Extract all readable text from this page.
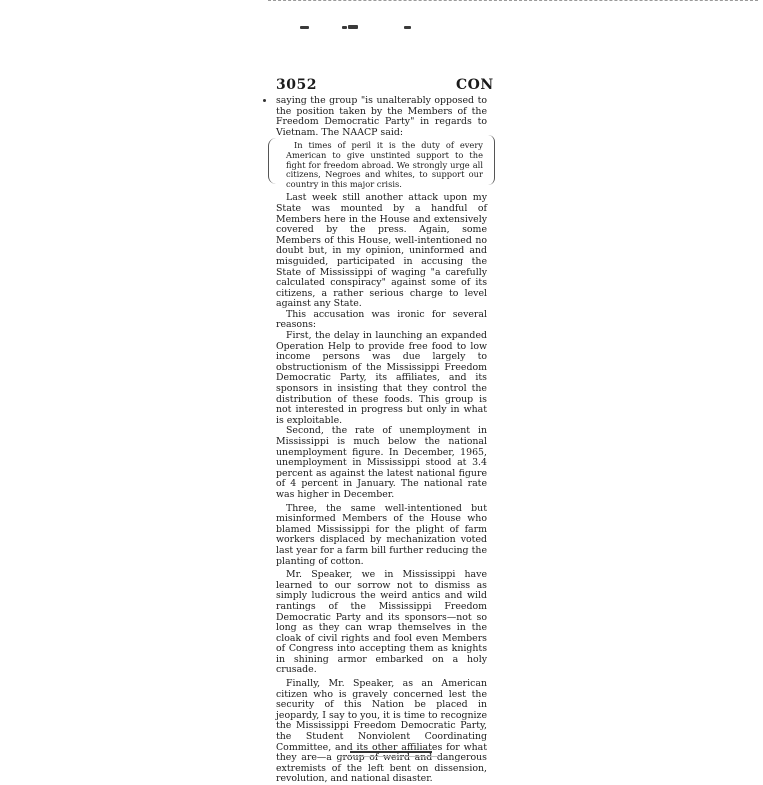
3052	CON

saying the group "is unalterably opposed to the position taken by the Members of the Freedom Democratic Party" in regards to Vietnam. The NAACP said:

In times of peril it is the duty of every American to give unstinted support to the fight for freedom abroad. We strongly urge all citizens, Negroes and whites, to support our country in this major crisis.

Last week still another attack upon my State was mounted by a handful of Members here in the House and extensively covered by the press. Again, some Members of this House, well-intentioned no doubt but, in my opinion, uninformed and misguided, participated in accusing the State of Mississippi of waging "a carefully calculated conspiracy" against some of its citizens, a rather serious charge to level against any State.

This accusation was ironic for several reasons:

First, the delay in launching an expanded Operation Help to provide free food to low income persons was due largely to obstructionism of the Mississippi Freedom Democratic Party, its affiliates, and its sponsors in insisting that they control the distribution of these foods. This group is not interested in progress but only in what is exploitable.

Second, the rate of unemployment in Mississippi is much below the national unemployment figure. In December, 1965, unemployment in Mississippi stood at 3.4 percent as against the latest national figure of 4 percent in January. The national rate was higher in December.

Three, the same well-intentioned but misinformed Members of the House who blamed Mississippi for the plight of farm workers displaced by mechanization voted last year for a farm bill further reducing the planting of cotton.

Mr. Speaker, we in Mississippi have learned to our sorrow not to dismiss as simply ludicrous the weird antics and wild rantings of the Mississippi Freedom Democratic Party and its sponsors—not so long as they can wrap themselves in the cloak of civil rights and fool even Members of Congress into accepting them as knights in shining armor embarked on a holy crusade.

Finally, Mr. Speaker, as an American citizen who is gravely concerned lest the security of this Nation be placed in jeopardy, I say to you, it is time to recognize the Mississippi Freedom Democratic Party, the Student Nonviolent Coordinating Committee, and its other affiliates for what they are—a group of weird and dangerous extremists of the left bent on dissension, revolution, and national disaster.
